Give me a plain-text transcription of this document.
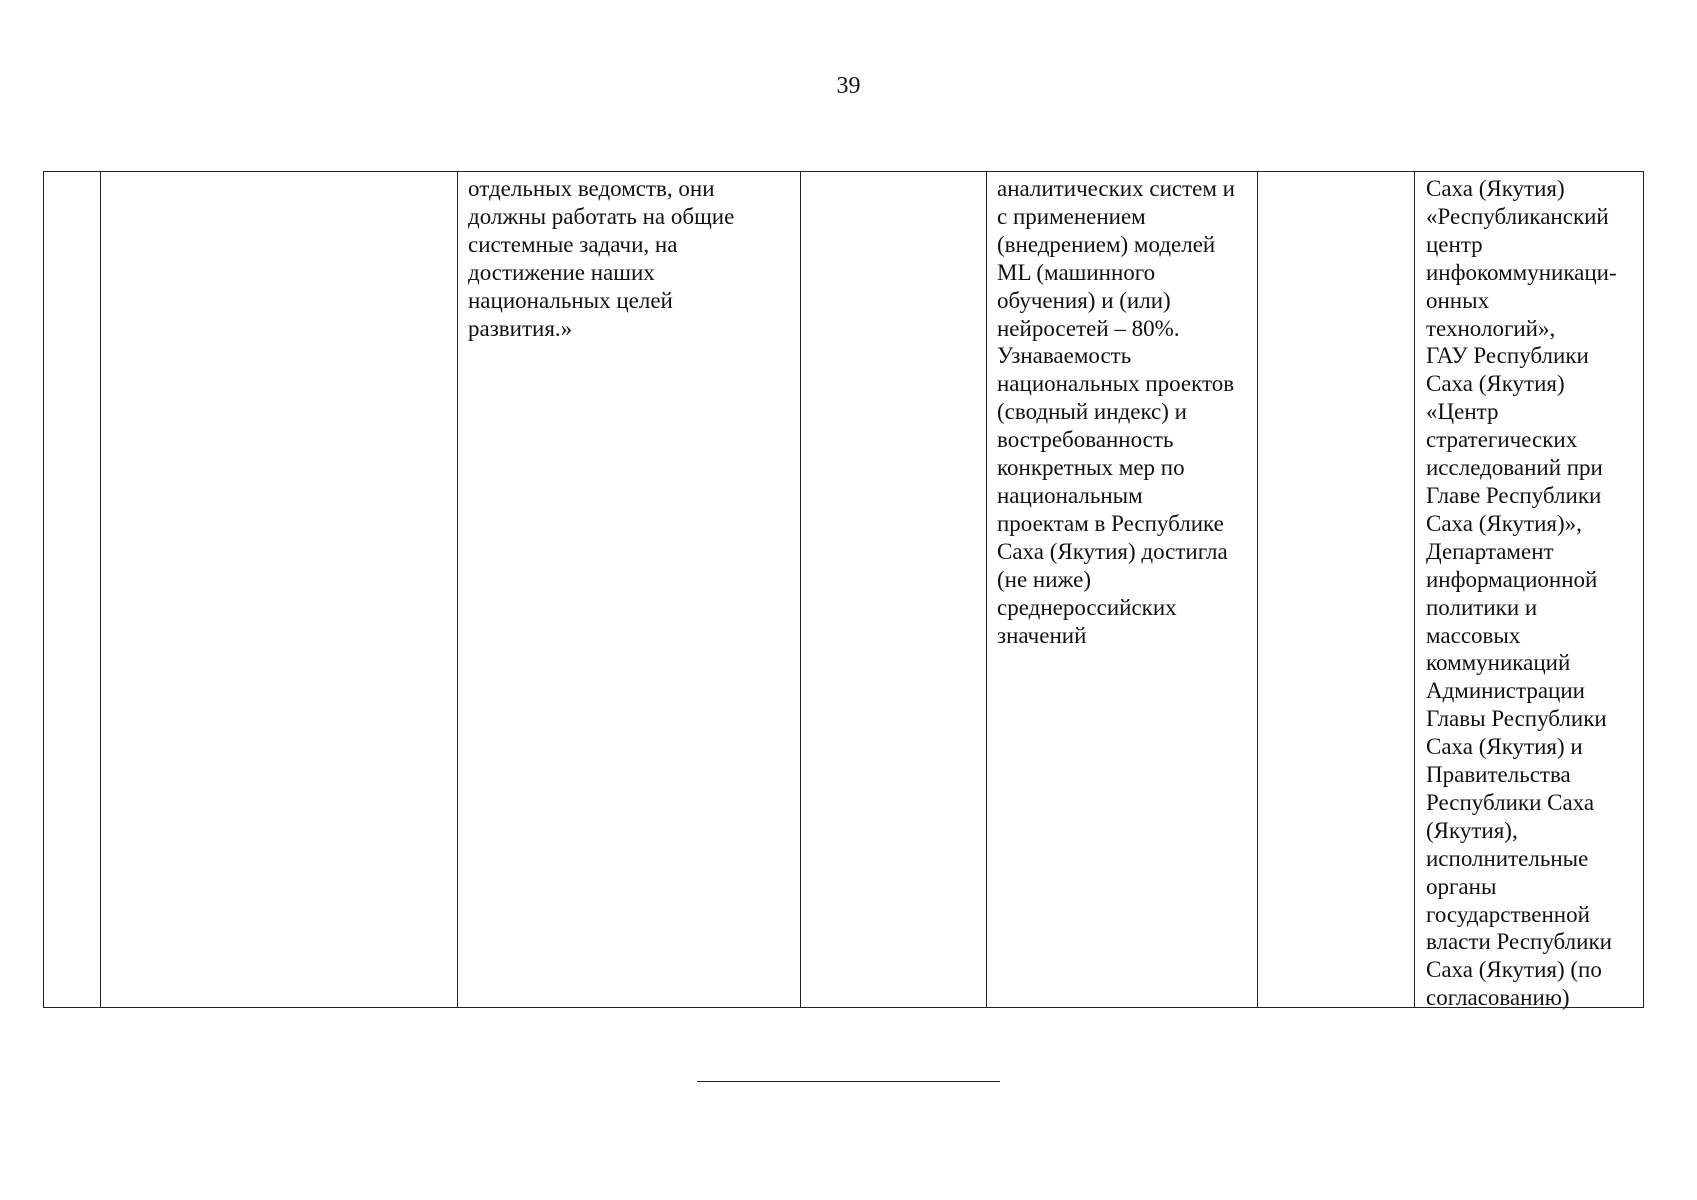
39
отдельных ведомств, они
должны работать на общие
системные задачи, на
достижение наших
национальных целей
развития.»
аналитических систем и
с применением
(внедрением) моделей
ML (машинного
обучения) и (или)
нейросетей – 80%.
Узнаваемость
национальных проектов
(сводный индекс) и
востребованность
конкретных мер по
национальным
проектам в Республике
Саха (Якутия) достигла
(не ниже)
среднероссийских
значений
Саха (Якутия)
«Республиканский
центр
инфокоммуникаци-
онных
технологий»,
ГАУ Республики
Саха (Якутия)
«Центр
стратегических
исследований при
Главе Республики
Саха (Якутия)»,
Департамент
информационной
политики и
массовых
коммуникаций
Администрации
Главы Республики
Саха (Якутия) и
Правительства
Республики Саха
(Якутия),
исполнительные
органы
государственной
власти Республики
Саха (Якутия) (по
согласованию)
